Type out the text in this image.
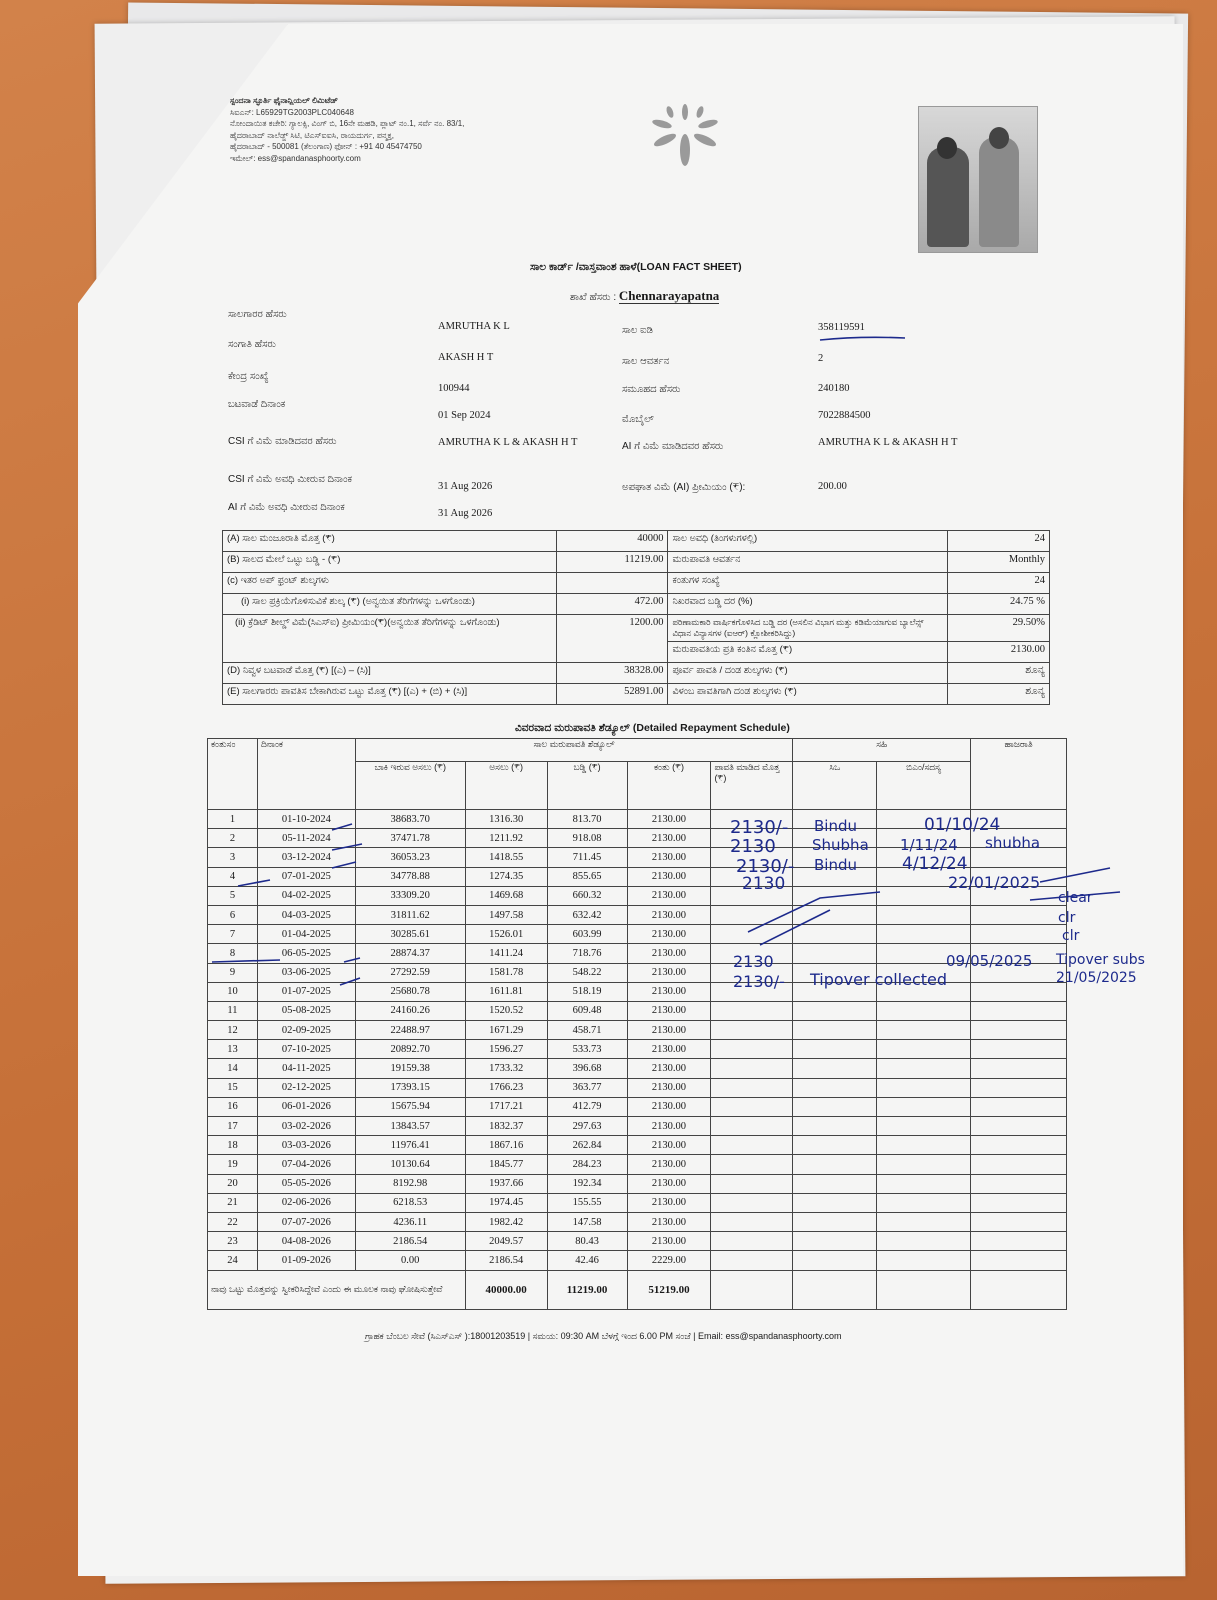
ಸ್ಪಂದನಾ ಸ್ಫೂರ್ತಿ ಫೈನಾನ್ಷಿಯಲ್ ಲಿಮಿಟೆಡ್
ಸಿಐಎನ್: L65929TG2003PLC040648
ನೋಂದಾಯಿತ ಕಚೇರಿ: ಗ್ಯಾಲಕ್ಸಿ, ವಿಂಗ್ ಬಿ, 16ನೇ ಮಹಡಿ, ಪ್ಲಾಟ್ ನಂ.1, ಸರ್ವೆ ನಂ. 83/1,
ಹೈದರಾಬಾದ್ ನಾಲೆಡ್ಜ್ ಸಿಟಿ, ಟಿಎಸ್‌ಐಐಸಿ, ರಾಯದುರ್ಗ, ಪನ್ಮಕ್ತ,
ಹೈದರಾಬಾದ್ - 500081 (ತೆಲಂಗಾಣ) ಫೋನ್ : +91 40 45474750
ಇಮೇಲ್: ess@spandanasphoorty.com
ಸಾಲ ಕಾರ್ಡ್ /ವಾಸ್ತವಾಂಶ ಹಾಳೆ(LOAN FACT SHEET)
ಶಾಖೆ ಹೆಸರು : Chennarayapatna
ಸಾಲಗಾರರ ಹೆಸರು
AMRUTHA K L	ಸಾಲ ಐಡಿ	358119591
ಸಂಗಾತಿ ಹೆಸರು
AKASH H T	ಸಾಲ ಆವರ್ತನ	2
ಕೇಂದ್ರ ಸಂಖ್ಯೆ
100944	ಸಮೂಹದ ಹೆಸರು	240180
ಬಟವಾಡೆ ದಿನಾಂಕ
01 Sep 2024	ಮೊಬೈಲ್	7022884500
CSI ಗೆ ವಿಮೆ ಮಾಡಿದವರ ಹೆಸರು	AMRUTHA K L & AKASH H T	AI ಗೆ ವಿಮೆ ಮಾಡಿದವರ ಹೆಸರು	AMRUTHA K L & AKASH H T
CSI ಗೆ ವಿಮೆ ಅವಧಿ ಮೀರುವ ದಿನಾಂಕ
31 Aug 2026	ಅಪಘಾತ ವಿಮೆ (AI) ಪ್ರೀಮಿಯಂ (₹):	200.00
AI ಗೆ ವಿಮೆ ಅವಧಿ ಮೀರುವ ದಿನಾಂಕ
31 Aug 2026
(A) ಸಾಲ ಮಂಜೂರಾತಿ ಮೊತ್ತ (₹)	40000	ಸಾಲ ಅವಧಿ (ತಿಂಗಳುಗಳಲ್ಲಿ)	24
(B) ಸಾಲದ ಮೇಲೆ ಒಟ್ಟು ಬಡ್ಡಿ - (₹)	11219.00	ಮರುಪಾವತಿ ಆವರ್ತನ	Monthly
(c) ಇತರ ಅಪ್ ಫ್ರಂಟ್ ಶುಲ್ಕಗಳು		ಕಂತುಗಳ ಸಂಖ್ಯೆ	24
(i) ಸಾಲ ಪ್ರಕ್ರಿಯೆಗೊಳಿಸುವಿಕೆ ಶುಲ್ಕ (₹) (ಅನ್ವಯಿತ ತೆರಿಗೆಗಳನ್ನು ಒಳಗೊಂಡು)	472.00	ನಿಖರವಾದ ಬಡ್ಡಿ ದರ (%)	24.75 %
(ii) ಕ್ರೆಡಿಟ್ ಶೀಲ್ಡ್ ವಿಮೆ(ಸಿಎಸ್‌ಐ) ಪ್ರೀಮಿಯಂ(₹)(ಅನ್ವಯಿತ ತೆರಿಗೆಗಳನ್ನು ಒಳಗೊಂಡು)	1200.00	ಪರಿಣಾಮಕಾರಿ ವಾರ್ಷಿಕಗೊಳಿಸಿದ ಬಡ್ಡಿ ದರ (ಅಸಲಿನ ವಿಭಾಗ ಮತ್ತು ಕಡಿಮೆಯಾಗುವ ಬ್ಯಾಲೆನ್ಸ್ ವಿಧಾನ ವಿನ್ಯಾಸಗಳ (ಐಆರ್) ಕ್ಲೋಶೀಕರಿಸಿದ್ದು)	29.50%
		ಮರುಪಾವತಿಯ ಪ್ರತಿ ಕಂತಿನ ಮೊತ್ತ (₹)	2130.00
(D) ನಿವ್ವಳ ಬಟವಾಡೆ ಮೊತ್ತ (₹) [(ಎ) – (ಸಿ)]	38328.00	ಪೂರ್ವ ಪಾವತಿ / ದಂಡ ಶುಲ್ಕಗಳು (₹)	ಶೂನ್ಯ
(E) ಸಾಲಗಾರರು ಪಾವತಿಸ ಬೇಕಾಗಿರುವ ಒಟ್ಟು ಮೊತ್ತ (₹) [(ಎ) + (ಬಿ) + (ಸಿ)]	52891.00	ವಿಳಂಬ ಪಾವತಿಗಾಗಿ ದಂಡ ಶುಲ್ಕಗಳು (₹)	ಶೂನ್ಯ
ವಿವರವಾದ ಮರುಪಾವತಿ ಶೆಡ್ಯೂಲ್ (Detailed Repayment Schedule)
ಕಂತುಸಂ	ದಿನಾಂಕ	ಸಾಲ ಮರುಪಾವತಿ ಶೆಡ್ಯೂಲ್					ಸಹಿ		ಹಾಜರಾತಿ
		ಬಾಕಿ ಇರುವ ಅಸಲು (₹)	ಅಸಲು (₹)	ಬಡ್ಡಿ (₹)	ಕಂತು (₹)	ಪಾವತಿ ಮಾಡಿದ ಮೊತ್ತ (₹)	ಸಿಒ	ಬಿಎಂ/ಸದಸ್ಯ	
1	01-10-2024	38683.70	1316.30	813.70	2130.00				
2	05-11-2024	37471.78	1211.92	918.08	2130.00				
3	03-12-2024	36053.23	1418.55	711.45	2130.00				
4	07-01-2025	34778.88	1274.35	855.65	2130.00				
5	04-02-2025	33309.20	1469.68	660.32	2130.00				
6	04-03-2025	31811.62	1497.58	632.42	2130.00				
7	01-04-2025	30285.61	1526.01	603.99	2130.00				
8	06-05-2025	28874.37	1411.24	718.76	2130.00				
9	03-06-2025	27292.59	1581.78	548.22	2130.00				
10	01-07-2025	25680.78	1611.81	518.19	2130.00				
11	05-08-2025	24160.26	1520.52	609.48	2130.00				
12	02-09-2025	22488.97	1671.29	458.71	2130.00				
13	07-10-2025	20892.70	1596.27	533.73	2130.00				
14	04-11-2025	19159.38	1733.32	396.68	2130.00				
15	02-12-2025	17393.15	1766.23	363.77	2130.00				
16	06-01-2026	15675.94	1717.21	412.79	2130.00				
17	03-02-2026	13843.57	1832.37	297.63	2130.00				
18	03-03-2026	11976.41	1867.16	262.84	2130.00				
19	07-04-2026	10130.64	1845.77	284.23	2130.00				
20	05-05-2026	8192.98	1937.66	192.34	2130.00				
21	02-06-2026	6218.53	1974.45	155.55	2130.00				
22	07-07-2026	4236.11	1982.42	147.58	2130.00				
23	04-08-2026	2186.54	2049.57	80.43	2130.00				
24	01-09-2026	0.00	2186.54	42.46	2229.00				
ನಾವು ಒಟ್ಟು ಮೊತ್ತವನ್ನು ಸ್ವೀಕರಿಸಿದ್ದೇವೆ ಎಂದು ಈ ಮೂಲಕ ನಾವು ಘೋಷಿಸುತ್ತೇವೆ			40000.00	11219.00	51219.00				
ಗ್ರಾಹಕ ಬೆಂಬಲ ಸೇವೆ (ಸಿಎಸ್‌ಎಸ್ ):18001203519 | ಸಮಯ: 09:30 AM ಬೆಳಗ್ಗೆ ಇಂದ 6.00 PM ಸಂಜೆ | Email: ess@spandanasphoorty.com
2130/- Bindu	01/10/24
2130 Shubha 1/11/24 shubha
2130/- Bindu	4/12/24
2130	22/01/2025
2130	09/05/2025 Tipover subs
2130/- Tipover collected	21/05/2025
clear
clr
clr
